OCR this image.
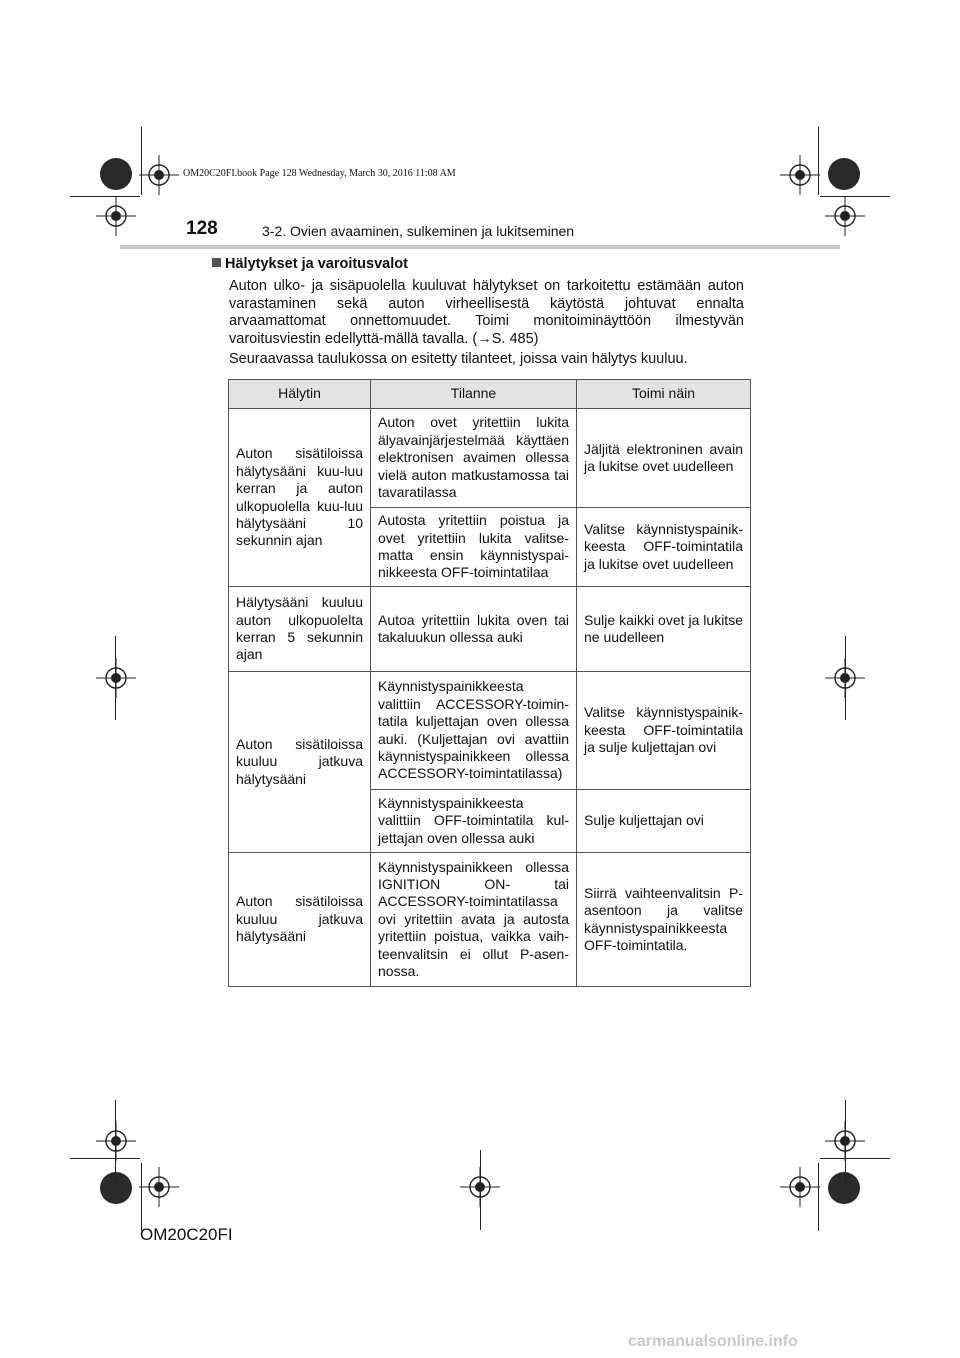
OM20C20FI.book Page 128 Wednesday, March 30, 2016 11:08 AM
128	3-2. Ovien avaaminen, sulkeminen ja lukitseminen
Hälytykset ja varoitusvalot
Auton ulko- ja sisäpuolella kuuluvat hälytykset on tarkoitettu estämään auton varastaminen sekä auton virheellisestä käytöstä johtuvat ennalta arvaamattomat onnettomuudet. Toimi monitoiminäyttöön ilmestyvän varoitusviestin edellyttä-mällä tavalla. (→S. 485)
Seuraavassa taulukossa on esitetty tilanteet, joissa vain hälytys kuuluu.
Hälytin	Tilanne	Toimi näin
Auton sisätiloissa hälytysääni kuu-luu kerran ja auton ulkopuolella kuu-luu hälytysääni 10 sekunnin ajan	Auton ovet yritettiin lukita älyavainjärjestelmää käyttäen elektronisen avaimen ollessa vielä auton matkustamossa tai tavaratilassa	Jäljitä elektroninen avain ja lukitse ovet uudelleen
	Autosta yritettiin poistua ja ovet yritettiin lukita valitse-matta ensin käynnistyspai-nikkeesta OFF-toimintatilaa	Valitse käynnistyspainik-keesta OFF-toimintatila ja lukitse ovet uudelleen
Hälytysääni kuuluu auton ulkopuolelta kerran 5 sekunnin ajan	Autoa yritettiin lukita oven tai takaluukun ollessa auki	Sulje kaikki ovet ja lukitse ne uudelleen
Auton sisätiloissa kuuluu jatkuva hälytysääni	Käynnistyspainikkeesta valittiin ACCESSORY-toimin-tatila kuljettajan oven ollessa auki. (Kuljettajan ovi avattiin käynnistyspainikkeen ollessa ACCESSORY-toimintatilassa)	Valitse käynnistyspainik-keesta OFF-toimintatila ja sulje kuljettajan ovi
	Käynnistyspainikkeesta valittiin OFF-toimintatila kul-jettajan oven ollessa auki	Sulje kuljettajan ovi
Auton sisätiloissa kuuluu jatkuva hälytysääni	Käynnistyspainikkeen ollessa IGNITION ON- tai ACCESSORY-toimintatilassa ovi yritettiin avata ja autosta yritettiin poistua, vaikka vaih-teenvalitsin ei ollut P-asen-nossa.	Siirrä vaihteenvalitsin P-asentoon ja valitse käynnistyspainikkeesta OFF-toimintatila.
OM20C20FI
carmanualsonline.info
